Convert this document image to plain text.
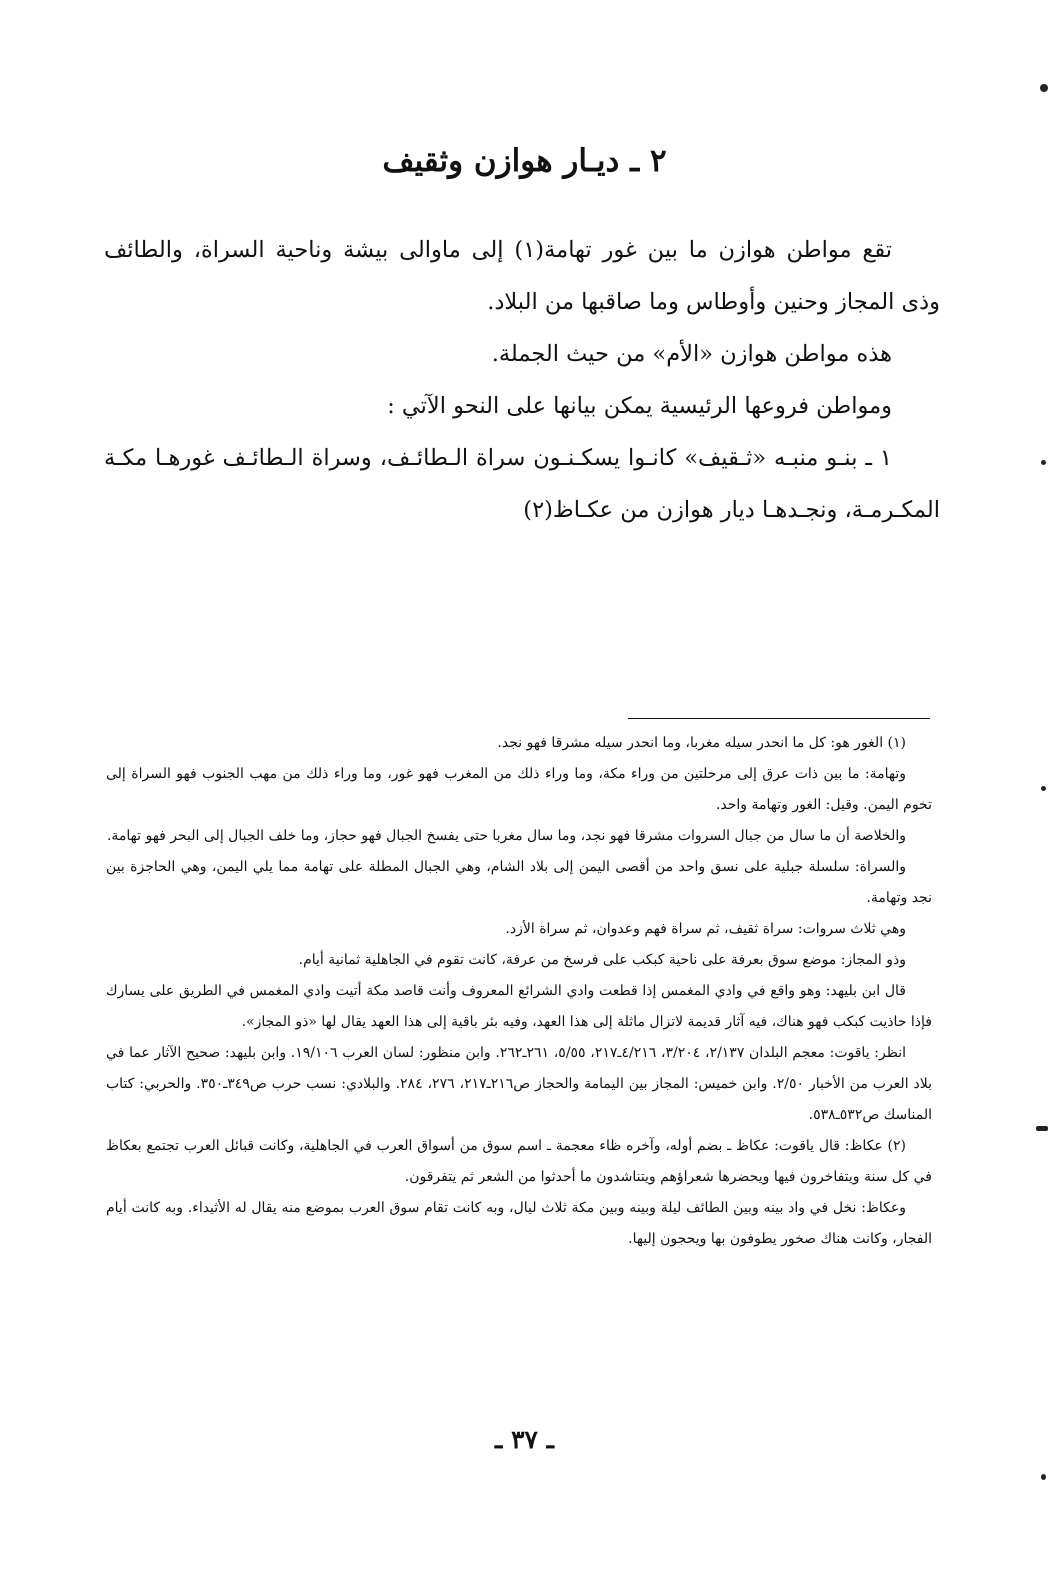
٢ ـ ديـار هوازن وثقيف

تقع مواطن هوازن ما بين غور تهامة(١) إلى ماوالى بيشة وناحية السراة، والطائف وذى المجاز وحنين وأوطاس وما صاقبها من البلاد.

هذه مواطن هوازن «الأم» من حيث الجملة.

ومواطن فروعها الرئيسية يمكن بيانها على النحو الآتي :

١ ـ بنـو منبـه «ثـقيف» كانـوا يسكـنـون سراة الـطائـف، وسراة الـطائـف غورهـا مكـة المكـرمـة، ونجـدهـا ديار هوازن من عكـاظ(٢)

(١) الغور هو: كل ما انحدر سيله مغربا، وما انحدر سيله مشرقا فهو نجد.

وتهامة: ما بين ذات عرق إلى مرحلتين من وراء مكة، وما وراء ذلك من المغرب فهو غور، وما وراء ذلك من مهب الجنوب فهو السراة إلى تخوم اليمن. وقيل: الغور وتهامة واحد.

والخلاصة أن ما سال من جبال السروات مشرقا فهو نجد، وما سال مغربا حتى يفسخ الجبال فهو حجاز، وما خلف الجبال إلى البحر فهو تهامة.

والسراة: سلسلة جبلية على نسق واحد من أقصى اليمن إلى بلاد الشام، وهي الجبال المطلة على تهامة مما يلي اليمن، وهي الحاجزة بين نجد وتهامة.

وهي ثلاث سروات: سراة ثقيف، ثم سراة فهم وعدوان، ثم سراة الأزد.

وذو المجاز: موضع سوق بعرفة على ناحية كبكب على فرسخ من عرفة، كانت تقوم في الجاهلية ثمانية أيام.

قال ابن بليهد: وهو واقع في وادي المغمس إذا قطعت وادي الشرائع المعروف وأنت قاصد مكة أتيت وادي المغمس في الطريق على يسارك فإذا حاذيت كبكب فهو هناك، فيه آثار قديمة لاتزال ماثلة إلى هذا العهد، وفيه بئر باقية إلى هذا العهد يقال لها «ذو المجاز».

انظر: ياقوت: معجم البلدان ٢/١٣٧، ٣/٢٠٤، ٤/٢١٦ـ٢١٧، ٥/٥٥، ٢٦١ـ٢٦٢. وابن منظور: لسان العرب ١٩/١٠٦. وابن بليهد: صحيح الآثار عما في بلاد العرب من الأخبار ٢/٥٠. وابن خميس: المجاز بين اليمامة والحجاز ص٢١٦ـ٢١٧، ٢٧٦، ٢٨٤. والبلادي: نسب حرب ص٣٤٩ـ٣٥٠. والحربي: كتاب المناسك ص٥٣٢ـ٥٣٨.

(٢) عكاظ: قال ياقوت: عكاظ ـ بضم أوله، وآخره ظاء معجمة ـ اسم سوق من أسواق العرب في الجاهلية، وكانت قبائل العرب تجتمع بعكاظ في كل سنة ويتفاخرون فيها ويحضرها شعراؤهم ويتناشدون ما أحدثوا من الشعر ثم يتفرقون.

وعكاظ: نخل في واد بينه وبين الطائف ليلة وبينه وبين مكة ثلاث ليال، وبه كانت تقام سوق العرب بموضع منه يقال له الأثيداء. وبه كانت أيام الفجار، وكانت هناك صخور يطوفون بها ويحجون إليها.

ـ ٣٧ ـ
